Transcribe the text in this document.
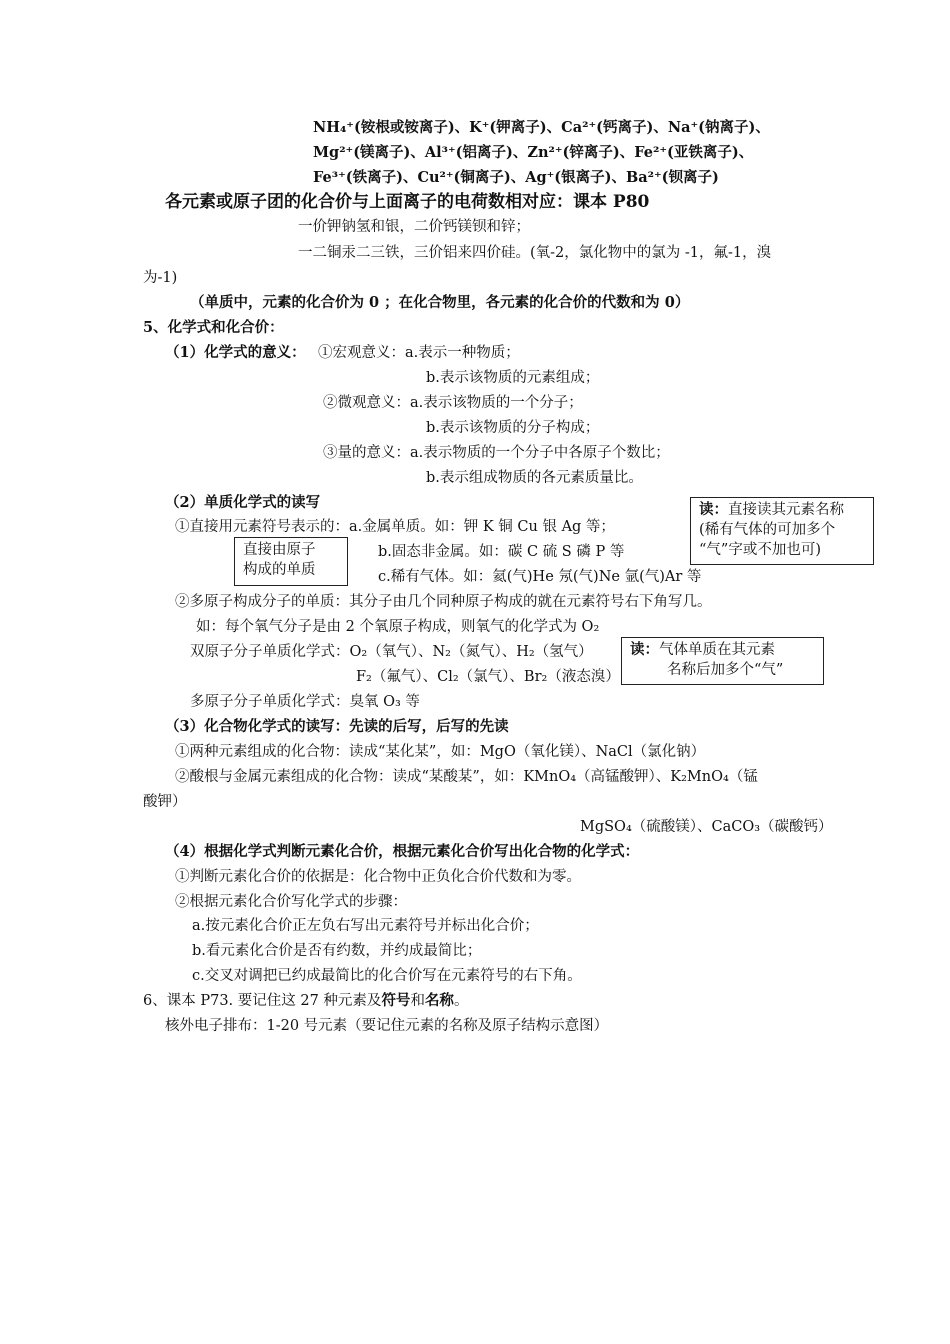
NH₄⁺(铵根或铵离子)、K⁺(钾离子)、Ca²⁺(钙离子)、Na⁺(钠离子)、
Mg²⁺(镁离子)、Al³⁺(铝离子)、Zn²⁺(锌离子)、Fe²⁺(亚铁离子)、
Fe³⁺(铁离子)、Cu²⁺(铜离子)、Ag⁺(银离子)、Ba²⁺(钡离子)
各元素或原子团的化合价与上面离子的电荷数相对应：课本 P80
一价钾钠氢和银，二价钙镁钡和锌；
一二铜汞二三铁，三价铝来四价硅。(氧-2，氯化物中的氯为 -1，氟-1，溴
为-1)
（单质中，元素的化合价为 0 ；在化合物里，各元素的化合价的代数和为 0）
5、化学式和化合价：
（1）化学式的意义： ①宏观意义：a.表示一种物质；
b.表示该物质的元素组成；
②微观意义：a.表示该物质的一个分子；
b.表示该物质的分子构成；
③量的意义：a.表示物质的一个分子中各原子个数比；
b.表示组成物质的各元素质量比。
（2）单质化学式的读写
①直接用元素符号表示的：a.金属单质。如：钾 K 铜 Cu 银 Ag 等；
直接由原子
构成的单质
读：直接读其元素名称
(稀有气体的可加多个
“气”字或不加也可)
b.固态非金属。如：碳 C 硫 S 磷 P 等
c.稀有气体。如：氦(气)He 氖(气)Ne 氩(气)Ar 等
②多原子构成分子的单质：其分子由几个同种原子构成的就在元素符号右下角写几。
如：每个氧气分子是由 2 个氧原子构成，则氧气的化学式为 O₂
双原子分子单质化学式：O₂（氧气）、N₂（氮气）、H₂（氢气）
F₂（氟气）、Cl₂（氯气）、Br₂（液态溴）
读：气体单质在其元素
名称后加多个“气”
多原子分子单质化学式：臭氧 O₃ 等
（3）化合物化学式的读写：先读的后写，后写的先读
①两种元素组成的化合物：读成“某化某”，如：MgO（氧化镁）、NaCl（氯化钠）
②酸根与金属元素组成的化合物：读成“某酸某”，如：KMnO₄（高锰酸钾）、K₂MnO₄（锰
酸钾）
MgSO₄（硫酸镁）、CaCO₃（碳酸钙）
（4）根据化学式判断元素化合价，根据元素化合价写出化合物的化学式：
①判断元素化合价的依据是：化合物中正负化合价代数和为零。
②根据元素化合价写化学式的步骤：
a.按元素化合价正左负右写出元素符号并标出化合价；
b.看元素化合价是否有约数，并约成最简比；
c.交叉对调把已约成最简比的化合价写在元素符号的右下角。
6、课本 P73. 要记住这 27 种元素及符号和名称。
核外电子排布：1-20 号元素（要记住元素的名称及原子结构示意图）
